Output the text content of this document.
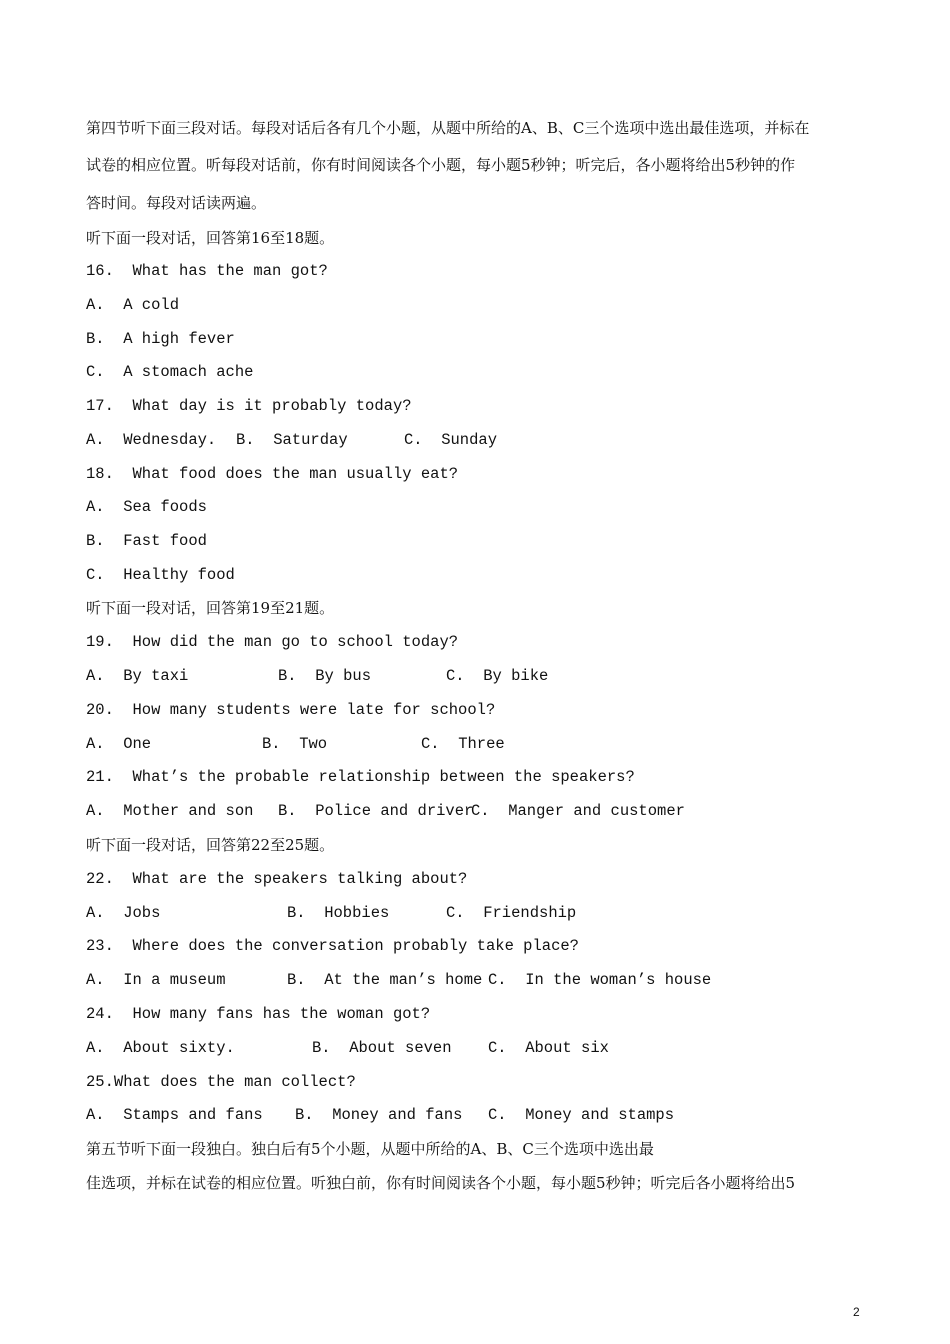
第四节听下面三段对话。每段对话后各有几个小题，从题中所给的A、B、C三个选项中选出最佳选项，并标在
试卷的相应位置。听每段对话前，你有时间阅读各个小题，每小题5秒钟；听完后，各小题将给出5秒钟的作
答时间。每段对话读两遍。
听下面一段对话，回答第16至18题。
16.  What has the man got?
A.  A cold
B.  A high fever
C.  A stomach ache
17.  What day is it probably today?
A.  Wednesday. B.  Saturday	C.  Sunday
18.  What food does the man usually eat?
A.  Sea foods
B.  Fast food
C.  Healthy food
听下面一段对话，回答第19至21题。
19.  How did the man go to school today?
A.  By taxi	B.  By bus	C.  By bike
20.  How many students were late for school?
A.  One	B.  Two	C.  Three
21.  What’s the probable relationship between the speakers?
A.  Mother and son B.  Police and driver
C.  Manger and customer
听下面一段对话，回答第22至25题。
22.  What are the speakers talking about?
A.  Jobs	B.  Hobbies	C.  Friendship
23.  Where does the conversation probably take place?
A.  In a museum	B.  At the man’s home C.  In the woman’s house
24.  How many fans has the woman got?
A.  About sixty.	B.  About seven C.  About six
25.What does the man collect?
A.  Stamps and fans B.  Money and fans C.  Money and stamps
第五节听下面一段独白。独白后有5个小题，从题中所给的A、B、C三个选项中选出最
佳选项，并标在试卷的相应位置。听独白前，你有时间阅读各个小题，每小题5秒钟；听完后各小题将给出5
2
